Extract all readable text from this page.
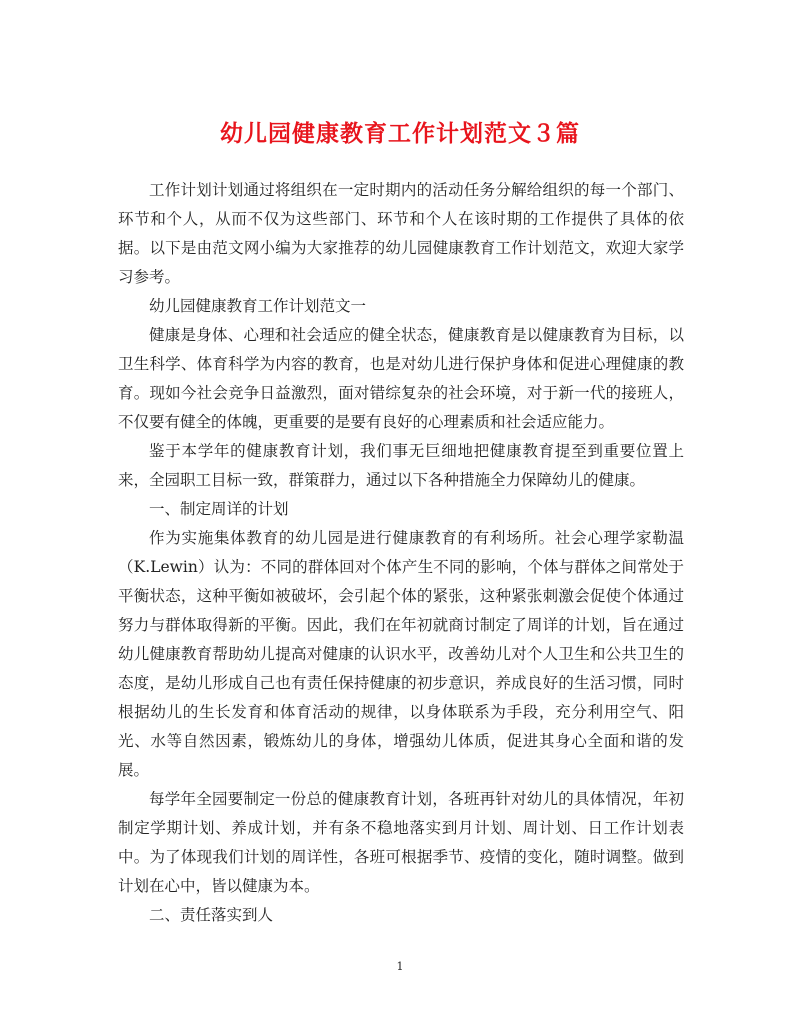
幼儿园健康教育工作计划范文３篇

工作计划计划通过将组织在一定时期内的活动任务分解给组织的每一个部门、环节和个人，从而不仅为这些部门、环节和个人在该时期的工作提供了具体的依据。以下是由范文网小编为大家推荐的幼儿园健康教育工作计划范文，欢迎大家学习参考。

幼儿园健康教育工作计划范文一

健康是身体、心理和社会适应的健全状态，健康教育是以健康教育为目标，以卫生科学、体育科学为内容的教育，也是对幼儿进行保护身体和促进心理健康的教育。现如今社会竞争日益激烈，面对错综复杂的社会环境，对于新一代的接班人，不仅要有健全的体魄，更重要的是要有良好的心理素质和社会适应能力。

鉴于本学年的健康教育计划，我们事无巨细地把健康教育提至到重要位置上来，全园职工目标一致，群策群力，通过以下各种措施全力保障幼儿的健康。

一、制定周详的计划

作为实施集体教育的幼儿园是进行健康教育的有利场所。社会心理学家勒温（K.Lewin）认为：不同的群体回对个体产生不同的影响，个体与群体之间常处于平衡状态，这种平衡如被破坏，会引起个体的紧张，这种紧张刺激会促使个体通过努力与群体取得新的平衡。因此，我们在年初就商讨制定了周详的计划，旨在通过幼儿健康教育帮助幼儿提高对健康的认识水平，改善幼儿对个人卫生和公共卫生的态度，是幼儿形成自己也有责任保持健康的初步意识，养成良好的生活习惯，同时根据幼儿的生长发育和体育活动的规律，以身体联系为手段，充分利用空气、阳光、水等自然因素，锻炼幼儿的身体，增强幼儿体质，促进其身心全面和谐的发展。

每学年全园要制定一份总的健康教育计划，各班再针对幼儿的具体情况，年初制定学期计划、养成计划，并有条不稳地落实到月计划、周计划、日工作计划表中。为了体现我们计划的周详性，各班可根据季节、疫情的变化，随时调整。做到计划在心中，皆以健康为本。

二、责任落实到人

1
